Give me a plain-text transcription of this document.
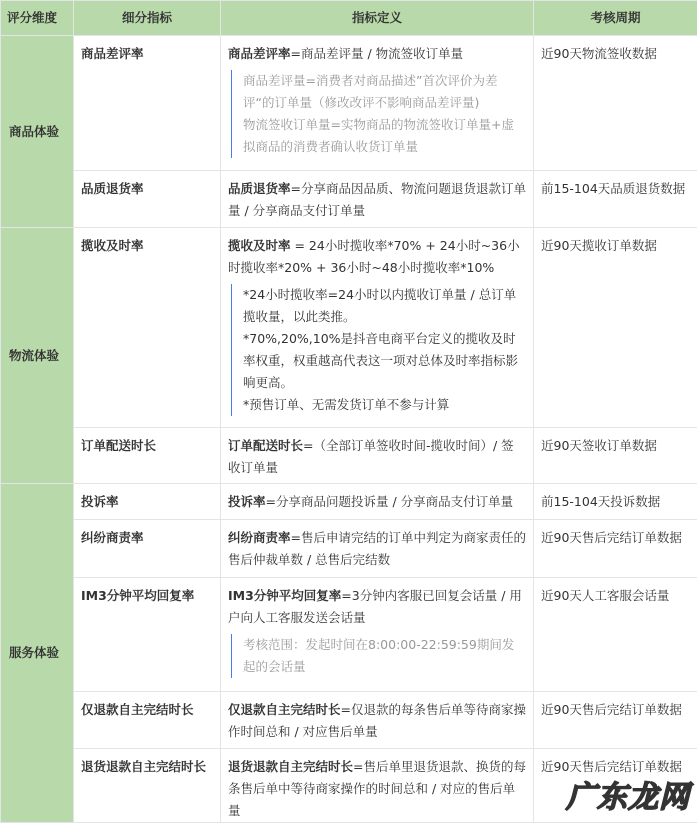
评分维度	细分指标	指标定义	考核周期
商品体验	商品差评率	商品差评率=商品差评量 / 物流签收订单量
商品差评量=消费者对商品描述”首次评价为差评“的订单量（修改改评不影响商品差评量)
物流签收订单量=实物商品的物流签收订单量+虚拟商品的消费者确认收货订单量	近90天物流签收数据
	品质退货率	品质退货率=分享商品因品质、物流问题退货退款订单量 / 分享商品支付订单量	前15-104天品质退货数据
物流体验	揽收及时率	揽收及时率 = 24小时揽收率*70% + 24小时~36小时揽收率*20% + 36小时~48小时揽收率*10%
*24小时揽收率=24小时以内揽收订单量 / 总订单揽收量，以此类推。
*70%,20%,10%是抖音电商平台定义的揽收及时率权重，权重越高代表这一项对总体及时率指标影响更高。
*预售订单、无需发货订单不参与计算	近90天揽收订单数据
	订单配送时长	订单配送时长=（全部订单签收时间-揽收时间）/ 签收订单量	近90天签收订单数据
服务体验	投诉率	投诉率=分享商品问题投诉量 / 分享商品支付订单量	前15-104天投诉数据
	纠纷商责率	纠纷商责率=售后申请完结的订单中判定为商家责任的售后仲裁单数 / 总售后完结数	近90天售后完结订单数据
	IM3分钟平均回复率	IM3分钟平均回复率=3分钟内客服已回复会话量 / 用户向人工客服发送会话量
考核范围：发起时间在8:00:00-22:59:59期间发起的会话量	近90天人工客服会话量
	仅退款自主完结时长	仅退款自主完结时长=仅退款的每条售后单等待商家操作时间总和 / 对应售后单量	近90天售后完结订单数据
	退货退款自主完结时长	退货退款自主完结时长=售后单里退货退款、换货的每条售后单中等待商家操作的时间总和 / 对应的售后单量	近90天售后完结订单数据
广东龙网
